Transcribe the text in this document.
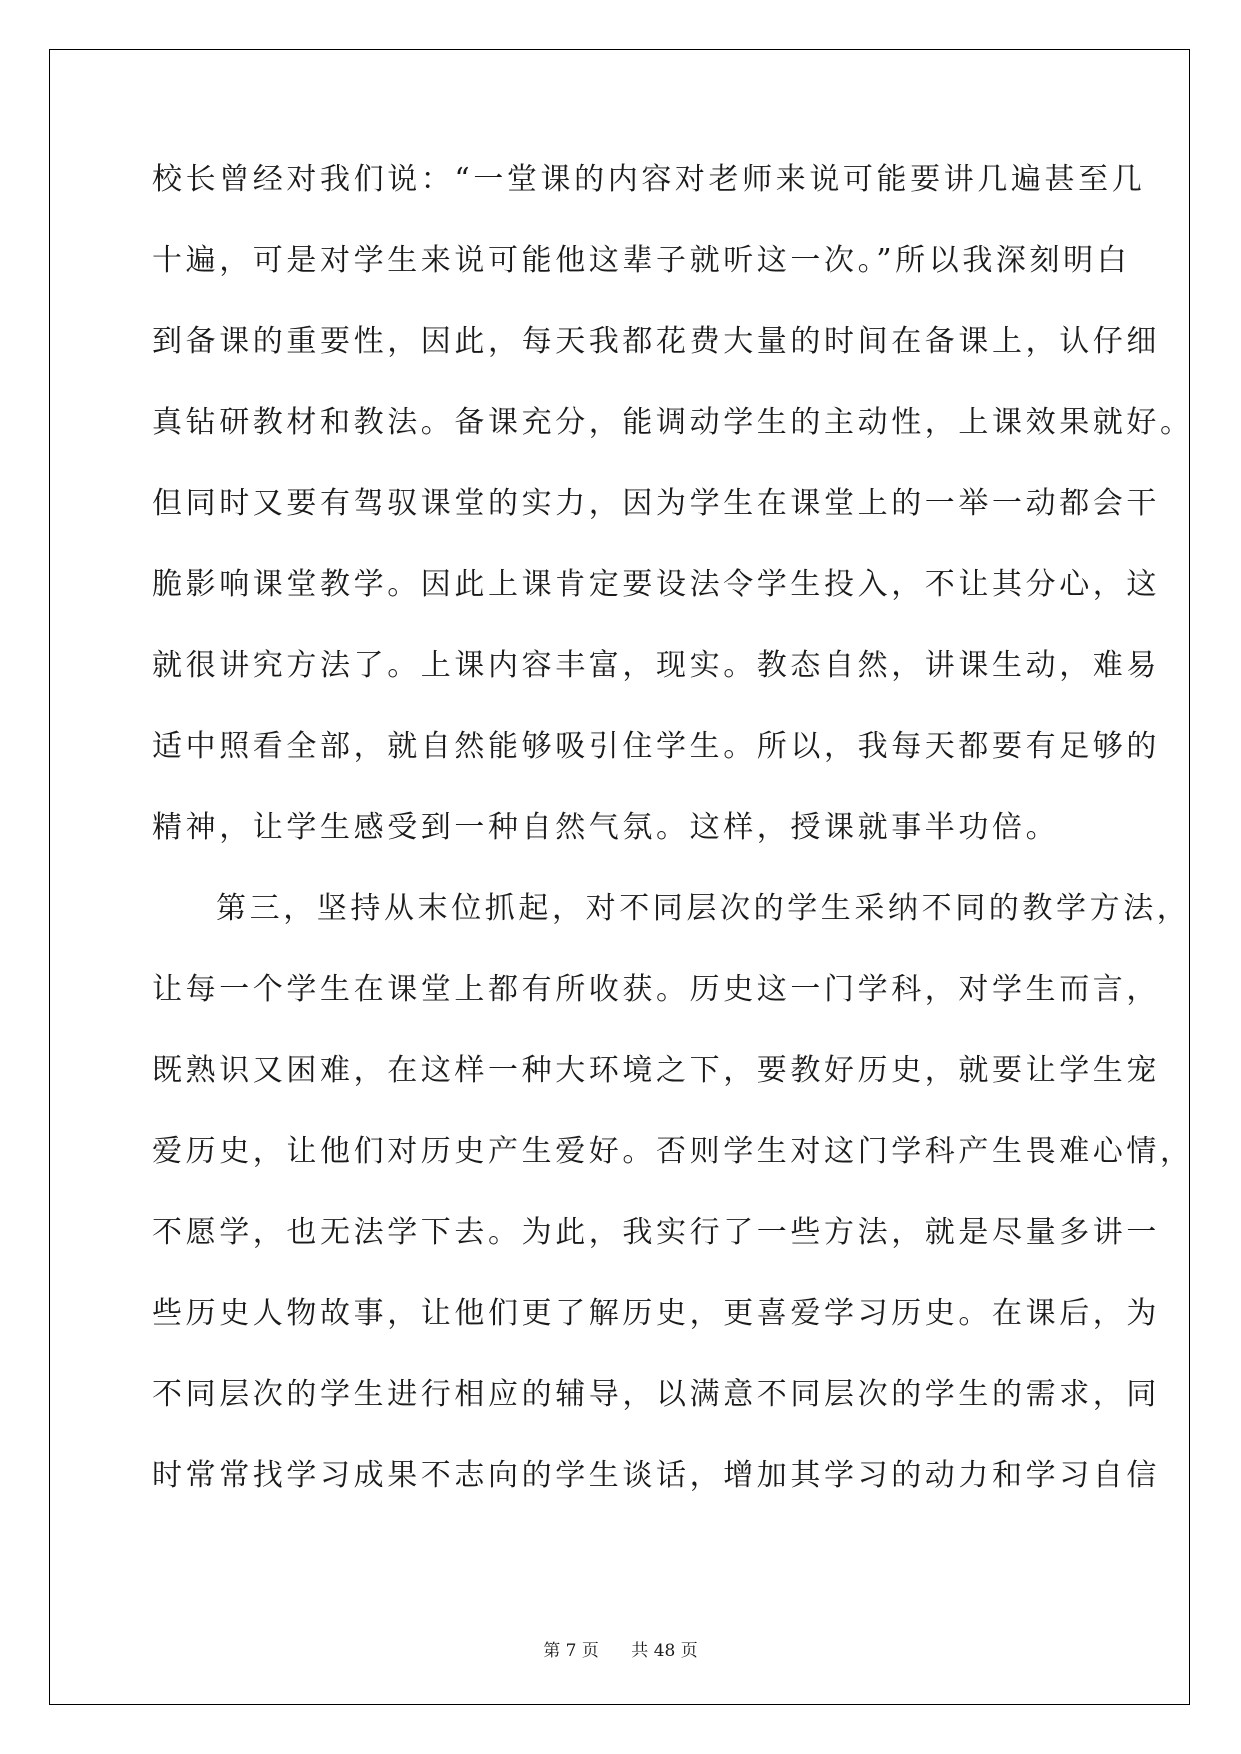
校长曾经对我们说：“一堂课的内容对老师来说可能要讲几遍甚至几
十遍，可是对学生来说可能他这辈子就听这一次。”所以我深刻明白
到备课的重要性，因此，每天我都花费大量的时间在备课上，认仔细
真钻研教材和教法。备课充分，能调动学生的主动性，上课效果就好。
但同时又要有驾驭课堂的实力，因为学生在课堂上的一举一动都会干
脆影响课堂教学。因此上课肯定要设法令学生投入，不让其分心，这
就很讲究方法了。上课内容丰富，现实。教态自然，讲课生动，难易
适中照看全部，就自然能够吸引住学生。所以，我每天都要有足够的
精神，让学生感受到一种自然气氛。这样，授课就事半功倍。
第三，坚持从末位抓起，对不同层次的学生采纳不同的教学方法，
让每一个学生在课堂上都有所收获。历史这一门学科，对学生而言，
既熟识又困难，在这样一种大环境之下，要教好历史，就要让学生宠
爱历史，让他们对历史产生爱好。否则学生对这门学科产生畏难心情，
不愿学，也无法学下去。为此，我实行了一些方法，就是尽量多讲一
些历史人物故事，让他们更了解历史，更喜爱学习历史。在课后，为
不同层次的学生进行相应的辅导，以满意不同层次的学生的需求，同
时常常找学习成果不志向的学生谈话，增加其学习的动力和学习自信
第 7 页 共 48 页
